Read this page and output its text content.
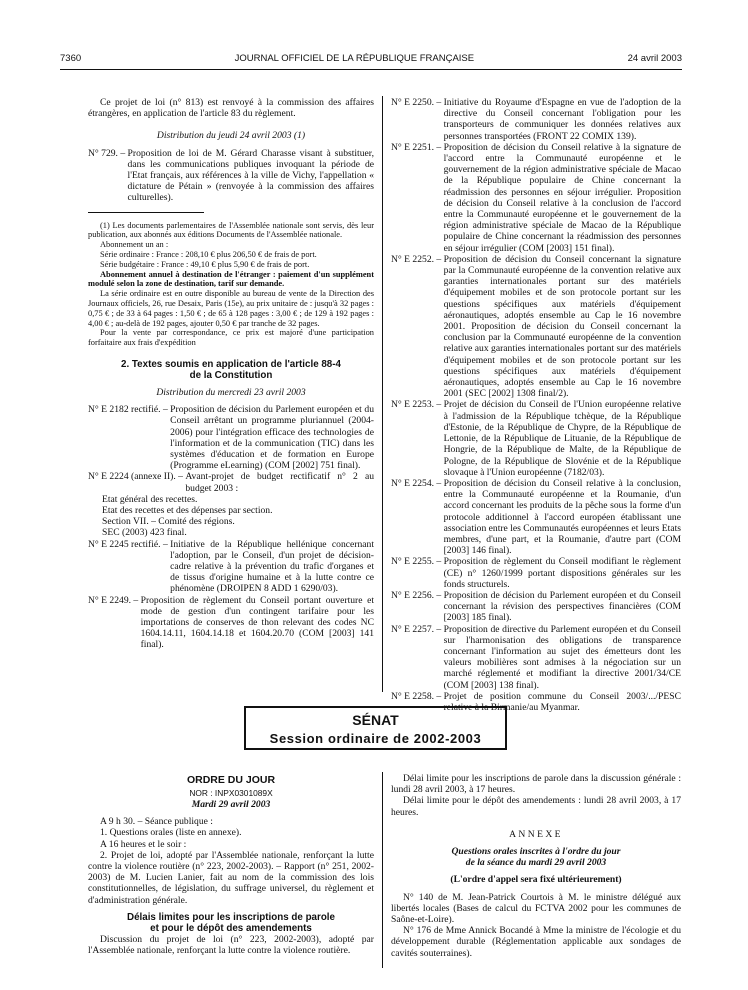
7360	JOURNAL OFFICIEL DE LA RÉPUBLIQUE FRANÇAISE	24 avril 2003

Ce projet de loi (n° 813) est renvoyé à la commission des affaires étrangères, en application de l'article 83 du règlement.

Distribution du jeudi 24 avril 2003 (1)

N° 729. – Proposition de loi de M. Gérard Charasse visant à substituer, dans les communications publiques invoquant la période de l'Etat français, aux références à la ville de Vichy, l'appellation « dictature de Pétain » (renvoyée à la commission des affaires culturelles).

(1) Les documents parlementaires de l'Assemblée nationale sont servis, dès leur publication, aux abonnés aux éditions Documents de l'Assemblée nationale.

Abonnement un an :

Série ordinaire : France : 208,10 € plus 206,50 € de frais de port.

Série budgétaire : France : 49,10 € plus 5,90 € de frais de port.

Abonnement annuel à destination de l'étranger : paiement d'un supplément modulé selon la zone de destination, tarif sur demande.

La série ordinaire est en outre disponible au bureau de vente de la Direction des Journaux officiels, 26, rue Desaix, Paris (15e), au prix unitaire de : jusqu'à 32 pages : 0,75 € ; de 33 à 64 pages : 1,50 € ; de 65 à 128 pages : 3,00 € ; de 129 à 192 pages : 4,00 € ; au-delà de 192 pages, ajouter 0,50 € par tranche de 32 pages.

Pour la vente par correspondance, ce prix est majoré d'une participation forfaitaire aux frais d'expédition

2. Textes soumis en application de l'article 88-4
de la Constitution

Distribution du mercredi 23 avril 2003

N° E 2182 rectifié. – Proposition de décision du Parlement européen et du Conseil arrêtant un programme pluriannuel (2004-2006) pour l'intégration efficace des technologies de l'information et de la communication (TIC) dans les systèmes d'éducation et de formation en Europe (Programme eLearning) (COM [2002] 751 final).
N° E 2224 (annexe II). – Avant-projet de budget rectificatif n° 2 au budget 2003 :

Etat général des recettes.

Etat des recettes et des dépenses par section.

Section VII. – Comité des régions.

SEC (2003) 423 final.

N° E 2245 rectifié. – Initiative de la République hellénique concernant l'adoption, par le Conseil, d'un projet de décision-cadre relative à la prévention du trafic d'organes et de tissus d'origine humaine et à la lutte contre ce phénomène (DROIPEN 8 ADD 1 6290/03).
N° E 2249. – Proposition de règlement du Conseil portant ouverture et mode de gestion d'un contingent tarifaire pour les importations de conserves de thon relevant des codes NC 1604.14.11, 1604.14.18 et 1604.20.70 (COM [2003] 141 final).
N° E 2250. – Initiative du Royaume d'Espagne en vue de l'adoption de la directive du Conseil concernant l'obligation pour les transporteurs de communiquer les données relatives aux personnes transportées (FRONT 22 COMIX 139).
N° E 2251. – Proposition de décision du Conseil relative à la signature de l'accord entre la Communauté européenne et le gouvernement de la région administrative spéciale de Macao de la République populaire de Chine concernant la réadmission des personnes en séjour irrégulier. Proposition de décision du Conseil relative à la conclusion de l'accord entre la Communauté européenne et le gouvernement de la région administrative spéciale de Macao de la République populaire de Chine concernant la réadmission des personnes en séjour irrégulier (COM [2003] 151 final).
N° E 2252. – Proposition de décision du Conseil concernant la signature par la Communauté européenne de la convention relative aux garanties internationales portant sur des matériels d'équipement mobiles et de son protocole portant sur les questions spécifiques aux matériels d'équipement aéronautiques, adoptés ensemble au Cap le 16 novembre 2001. Proposition de décision du Conseil concernant la conclusion par la Communauté européenne de la convention relative aux garanties internationales portant sur des matériels d'équipement mobiles et de son protocole portant sur les questions spécifiques aux matériels d'équipement aéronautiques, adoptés ensemble au Cap le 16 novembre 2001 (SEC [2002] 1308 final/2).
N° E 2253. – Projet de décision du Conseil de l'Union européenne relative à l'admission de la République tchèque, de la République d'Estonie, de la République de Chypre, de la République de Lettonie, de la République de Lituanie, de la République de Hongrie, de la République de Malte, de la République de Pologne, de la République de Slovénie et de la République slovaque à l'Union européenne (7182/03).
N° E 2254. – Proposition de décision du Conseil relative à la conclusion, entre la Communauté européenne et la Roumanie, d'un accord concernant les produits de la pêche sous la forme d'un protocole additionnel à l'accord européen établissant une association entre les Communautés européennes et leurs Etats membres, d'une part, et la Roumanie, d'autre part (COM [2003] 146 final).
N° E 2255. – Proposition de règlement du Conseil modifiant le règlement (CE) n° 1260/1999 portant dispositions générales sur les fonds structurels.
N° E 2256. – Proposition de décision du Parlement européen et du Conseil concernant la révision des perspectives financières (COM [2003] 185 final).
N° E 2257. – Proposition de directive du Parlement européen et du Conseil sur l'harmonisation des obligations de transparence concernant l'information au sujet des émetteurs dont les valeurs mobilières sont admises à la négociation sur un marché réglementé et modifiant la directive 2001/34/CE (COM [2003] 138 final).
N° E 2258. – Projet de position commune du Conseil 2003/.../PESC relative à la Birmanie/au Myanmar.
SÉNAT
Session ordinaire de 2002-2003
ORDRE DU JOUR
NOR : INPX0301089X

Mardi 29 avril 2003

A 9 h 30. – Séance publique :

1. Questions orales (liste en annexe).

A 16 heures et le soir :

2. Projet de loi, adopté par l'Assemblée nationale, renforçant la lutte contre la violence routière (n° 223, 2002-2003). – Rapport (n° 251, 2002-2003) de M. Lucien Lanier, fait au nom de la commission des lois constitutionnelles, de législation, du suffrage universel, du règlement et d'administration générale.

Délais limites pour les inscriptions de parole
et pour le dépôt des amendements

Discussion du projet de loi (n° 223, 2002-2003), adopté par l'Assemblée nationale, renforçant la lutte contre la violence routière.

Délai limite pour les inscriptions de parole dans la discussion générale : lundi 28 avril 2003, à 17 heures.

Délai limite pour le dépôt des amendements : lundi 28 avril 2003, à 17 heures.

ANNEXE

Questions orales inscrites à l'ordre du jour

de la séance du mardi 29 avril 2003

(L'ordre d'appel sera fixé ultérieurement)

N° 140 de M. Jean-Patrick Courtois à M. le ministre délégué aux libertés locales (Bases de calcul du FCTVA 2002 pour les communes de Saône-et-Loire).

N° 176 de Mme Annick Bocandé à Mme la ministre de l'écologie et du développement durable (Réglementation applicable aux sondages de cavités souterraines).
